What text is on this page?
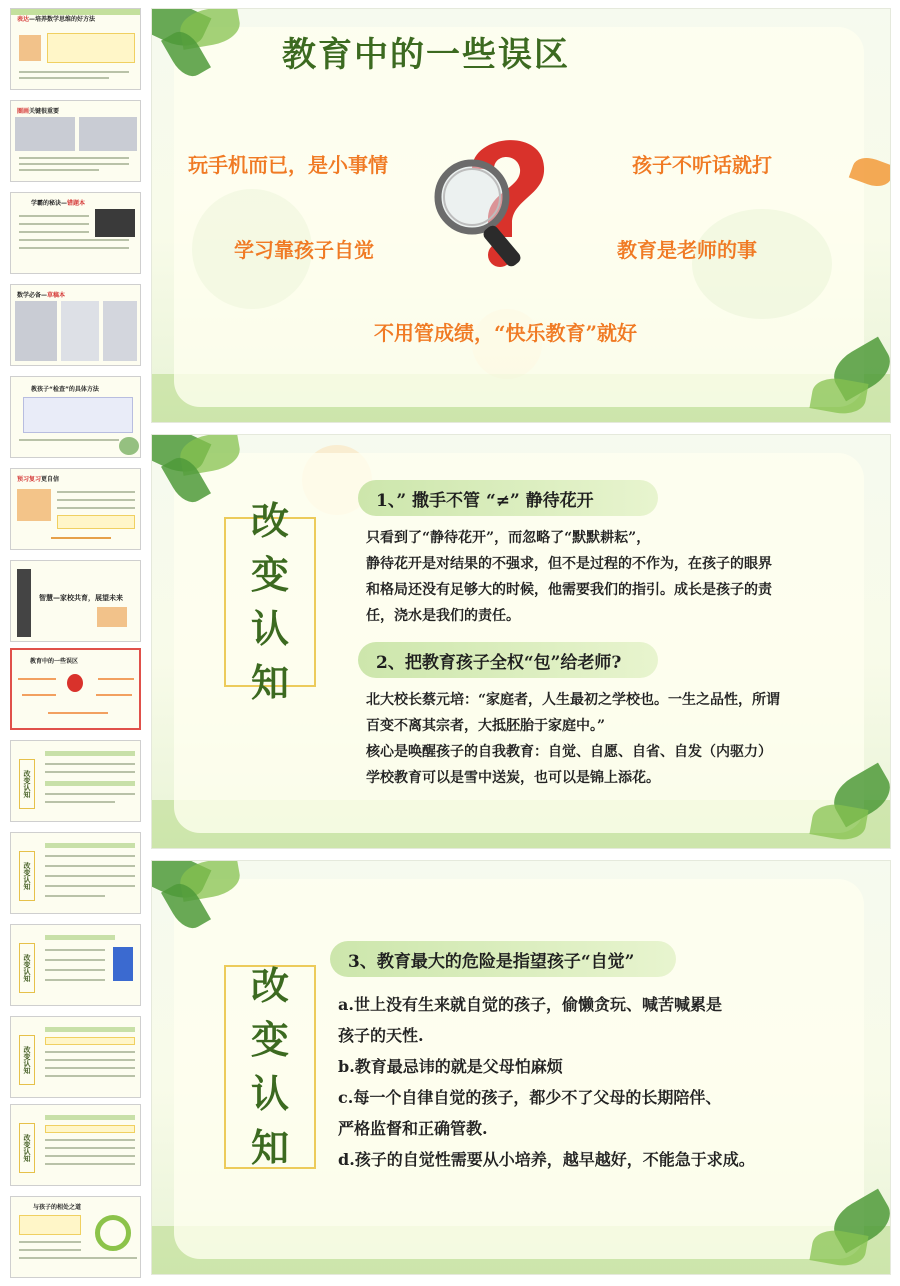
表达—培养数学思维的好方法
圈画关键很重要
学霸的秘诀—错题本
数学必备—草稿本
教孩子“检查”的具体方法
预习复习更自信
智慧—家校共育，展望未来
教育中的一些误区
改变认知
改变认知
改变认知
改变认知
改变认知
与孩子的相处之道
教育中的一些误区
玩手机而已，是小事情	孩子不听话就打
学习靠孩子自觉	教育是老师的事
不用管成绩，“快乐教育”就好
改
变
认
知
1、” 撒手不管 “≠” 静待花开

只看到了“静待花开”，而忽略了“默默耕耘”，

静待花开是对结果的不强求，但不是过程的不作为，在孩子的眼界

和格局还没有足够大的时候，他需要我们的指引。成长是孩子的责

任，浇水是我们的责任。

2、把教育孩子全权“包”给老师?

北大校长蔡元培：“家庭者，人生最初之学校也。一生之品性，所谓

百变不离其宗者，大抵胚胎于家庭中。”

核心是唤醒孩子的自我教育：自觉、自愿、自省、自发（内驱力）

学校教育可以是雪中送炭，也可以是锦上添花。

改
变
认
知
3、教育最大的危险是指望孩子“自觉”

a.世上没有生来就自觉的孩子，偷懒贪玩、喊苦喊累是

孩子的天性.

b.教育最忌讳的就是父母怕麻烦

c.每一个自律自觉的孩子，都少不了父母的长期陪伴、

严格监督和正确管教.

d.孩子的自觉性需要从小培养，越早越好，不能急于求成。
